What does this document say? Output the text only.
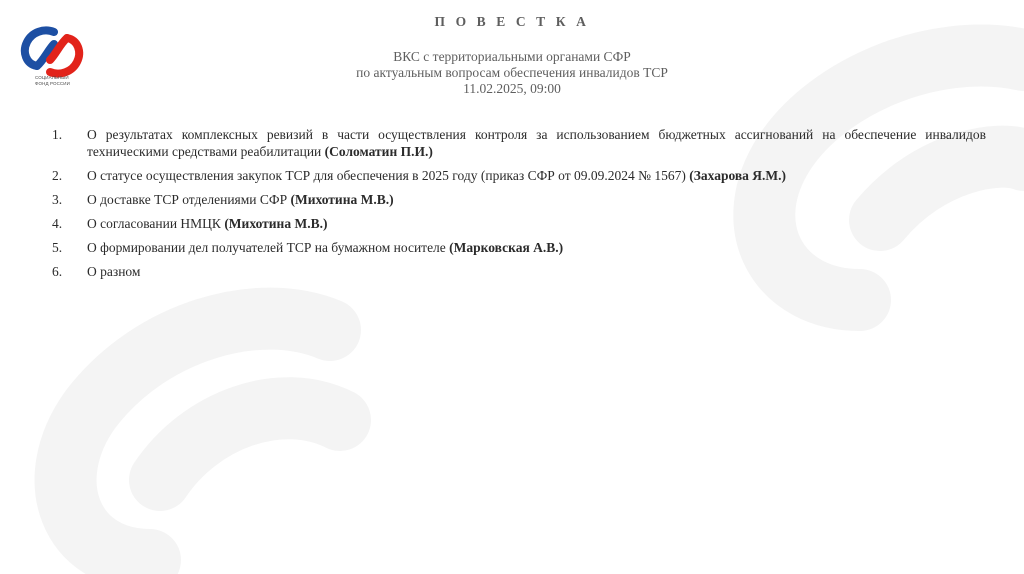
СОЦИАЛЬНЫЙ
ФОНД РОССИИ
П О В Е С Т К А
ВКС с территориальными органами СФР
по актуальным вопросам обеспечения инвалидов ТСР
11.02.2025, 09:00
1.	О результатах комплексных ревизий в части осуществления контроля за использованием бюджетных ассигнований на обеспечение инвалидов техническими средствами реабилитации (Соломатин П.И.)
2.	О статусе осуществления закупок ТСР для обеспечения в 2025 году (приказ СФР от 09.09.2024 № 1567) (Захарова Я.М.)
3.	О доставке ТСР отделениями СФР (Михотина М.В.)
4.	О согласовании НМЦК (Михотина М.В.)
5.	О формировании дел получателей ТСР на бумажном носителе (Марковская А.В.)
6.	О разном
